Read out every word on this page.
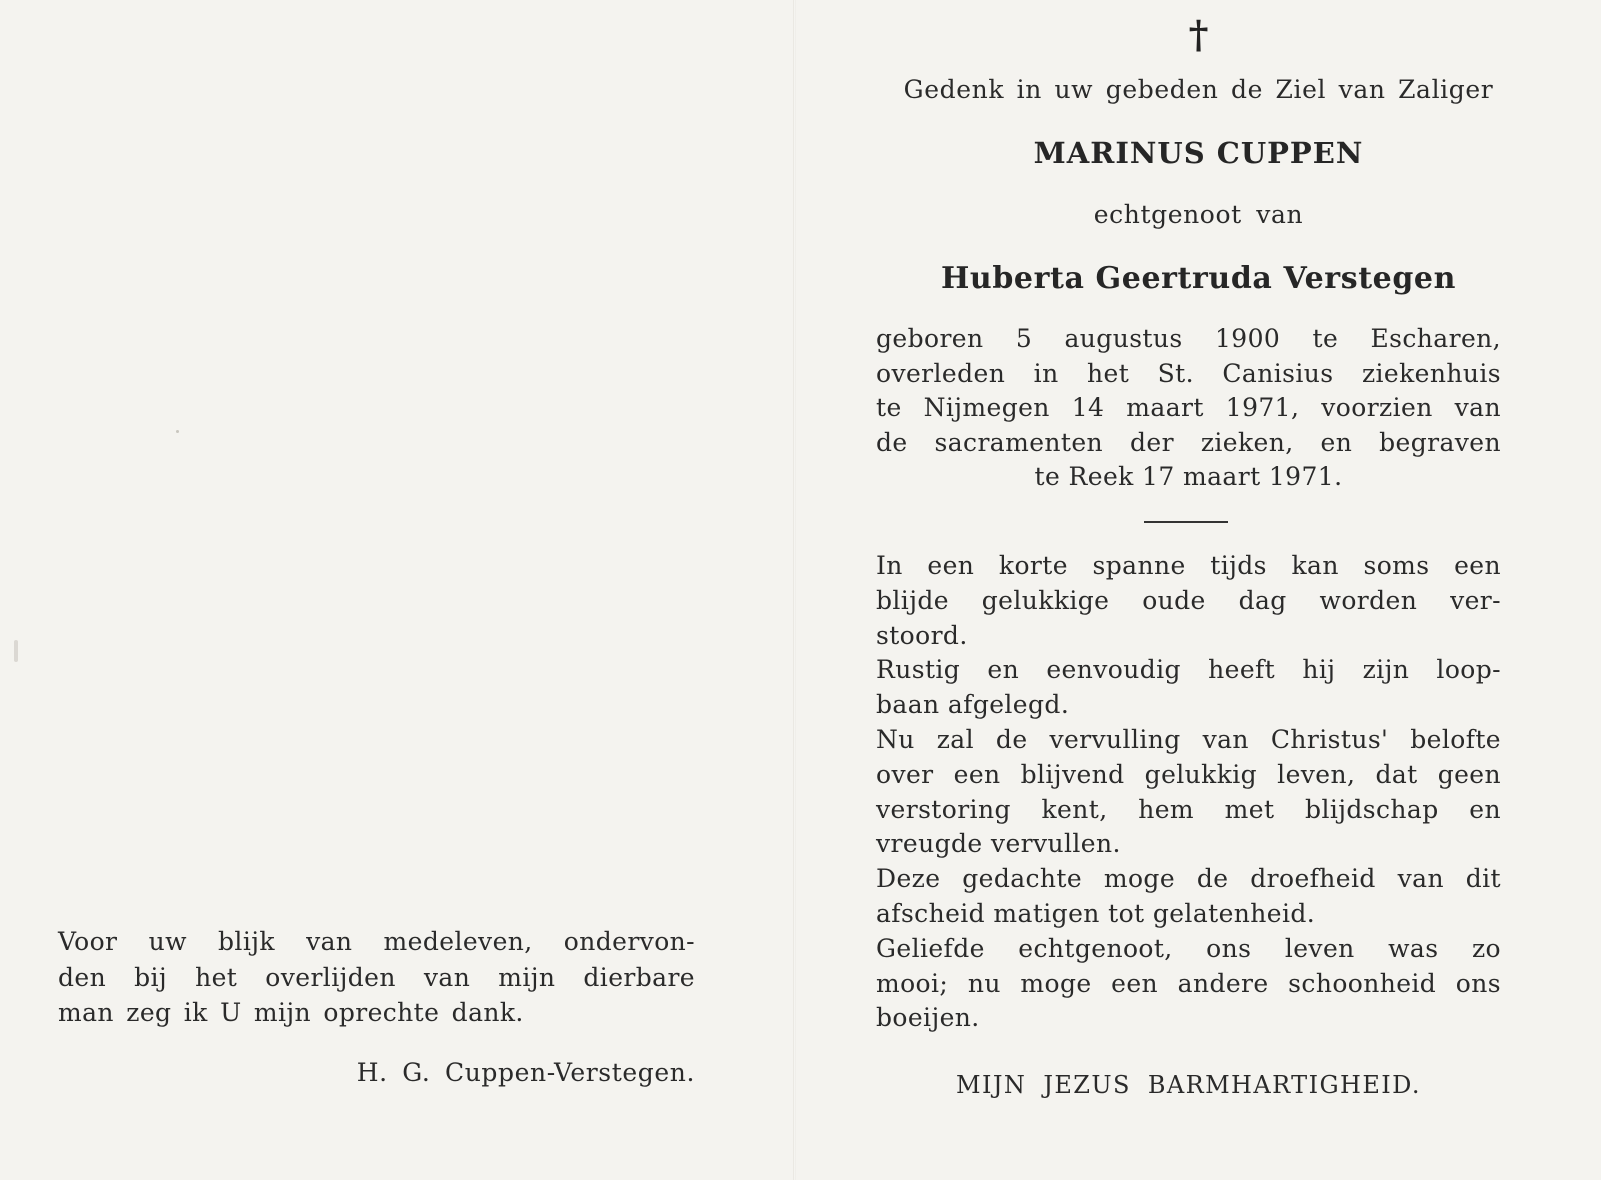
Voor uw blijk van medeleven, ondervon-
den bij het overlijden van mijn dierbare
man zeg ik U mijn oprechte dank.
H. G. Cuppen-Verstegen.
†
Gedenk in uw gebeden de Ziel van Zaliger
MARINUS CUPPEN
echtgenoot van
Huberta Geertruda Verstegen
geboren 5 augustus 1900 te Escharen,
overleden in het St. Canisius ziekenhuis
te Nijmegen 14 maart 1971, voorzien van
de sacramenten der zieken, en begraven
te Reek 17 maart 1971.
In een korte spanne tijds kan soms een
blijde gelukkige oude dag worden ver-
stoord.
Rustig en eenvoudig heeft hij zijn loop-
baan afgelegd.
Nu zal de vervulling van Christus' belofte
over een blijvend gelukkig leven, dat geen
verstoring kent, hem met blijdschap en
vreugde vervullen.
Deze gedachte moge de droefheid van dit
afscheid matigen tot gelatenheid.
Geliefde echtgenoot, ons leven was zo
mooi; nu moge een andere schoonheid ons
boeijen.
MIJN JEZUS BARMHARTIGHEID.
